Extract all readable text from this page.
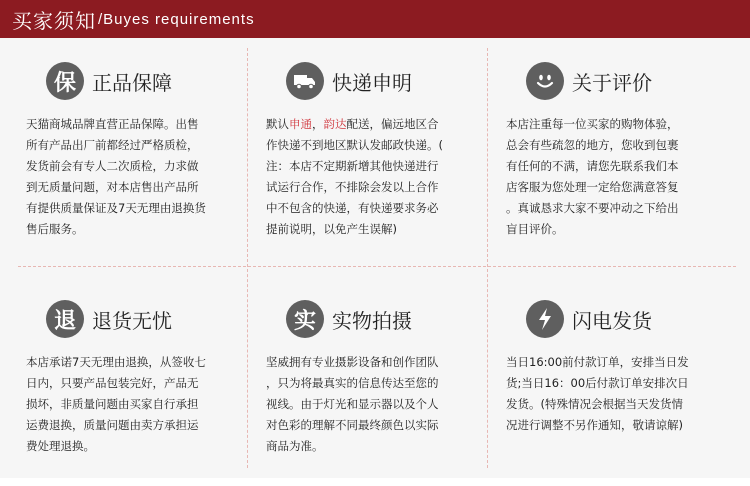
买家须知 /Buyes requirements
保 正品保障
天猫商城品牌直营正品保障。出售
所有产品出厂前都经过严格质检，
发货前会有专人二次质检，力求做
到无质量问题，对本店售出产品所
有提供质量保证及7天无理由退换货
售后服务。
快递申明
默认申通，韵达配送，偏远地区合
作快递不到地区默认发邮政快递。(
注：本店不定期新增其他快递进行
试运行合作，不排除会发以上合作
中不包含的快递，有快递要求务必
提前说明，以免产生误解)
关于评价
本店注重每一位买家的购物体验，
总会有些疏忽的地方，您收到包裹
有任何的不满，请您先联系我们本
店客服为您处理一定给您满意答复
。真诚恳求大家不要冲动之下给出
盲目评价。
退 退货无忧
本店承诺7天无理由退换，从签收七
日内，只要产品包装完好，产品无
损坏，非质量问题由买家自行承担
运费退换，质量问题由卖方承担运
费处理退换。
实 实物拍摄
坚威拥有专业摄影设备和创作团队
，只为将最真实的信息传达至您的
视线。由于灯光和显示器以及个人
对色彩的理解不同最终颜色以实际
商品为准。
闪电发货
当日16:00前付款订单，安排当日发
货;当日16：00后付款订单安排次日
发货。(特殊情况会根据当天发货情
况进行调整不另作通知，敬请谅解)
